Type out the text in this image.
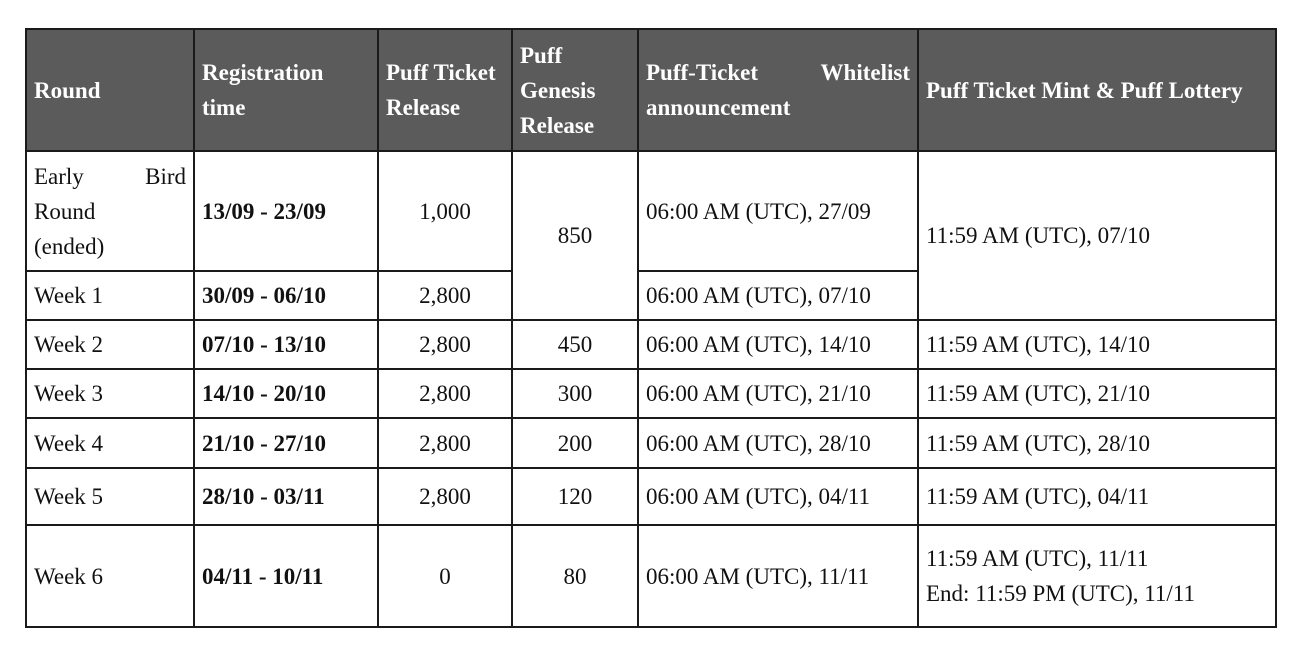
Round	Registration time	Puff Ticket Release	Puff Genesis Release	Puff-Ticket Whitelist announcement	Puff Ticket Mint & Puff Lottery

Early Bird
Round
(ended)	13/09 - 23/09	1,000	850	06:00 AM (UTC), 27/09	11:59 AM (UTC), 07/10
Week 1	30/09 - 06/10	2,800		06:00 AM (UTC), 07/10	
Week 2	07/10 - 13/10	2,800	450	06:00 AM (UTC), 14/10	11:59 AM (UTC), 14/10
Week 3	14/10 - 20/10	2,800	300	06:00 AM (UTC), 21/10	11:59 AM (UTC), 21/10
Week 4	21/10 - 27/10	2,800	200	06:00 AM (UTC), 28/10	11:59 AM (UTC), 28/10
Week 5	28/10 - 03/11	2,800	120	06:00 AM (UTC), 04/11	11:59 AM (UTC), 04/11
Week 6	04/11 - 10/11	0	80	06:00 AM (UTC), 11/11	11:59 AM (UTC), 11/11
End: 11:59 PM (UTC), 11/11
